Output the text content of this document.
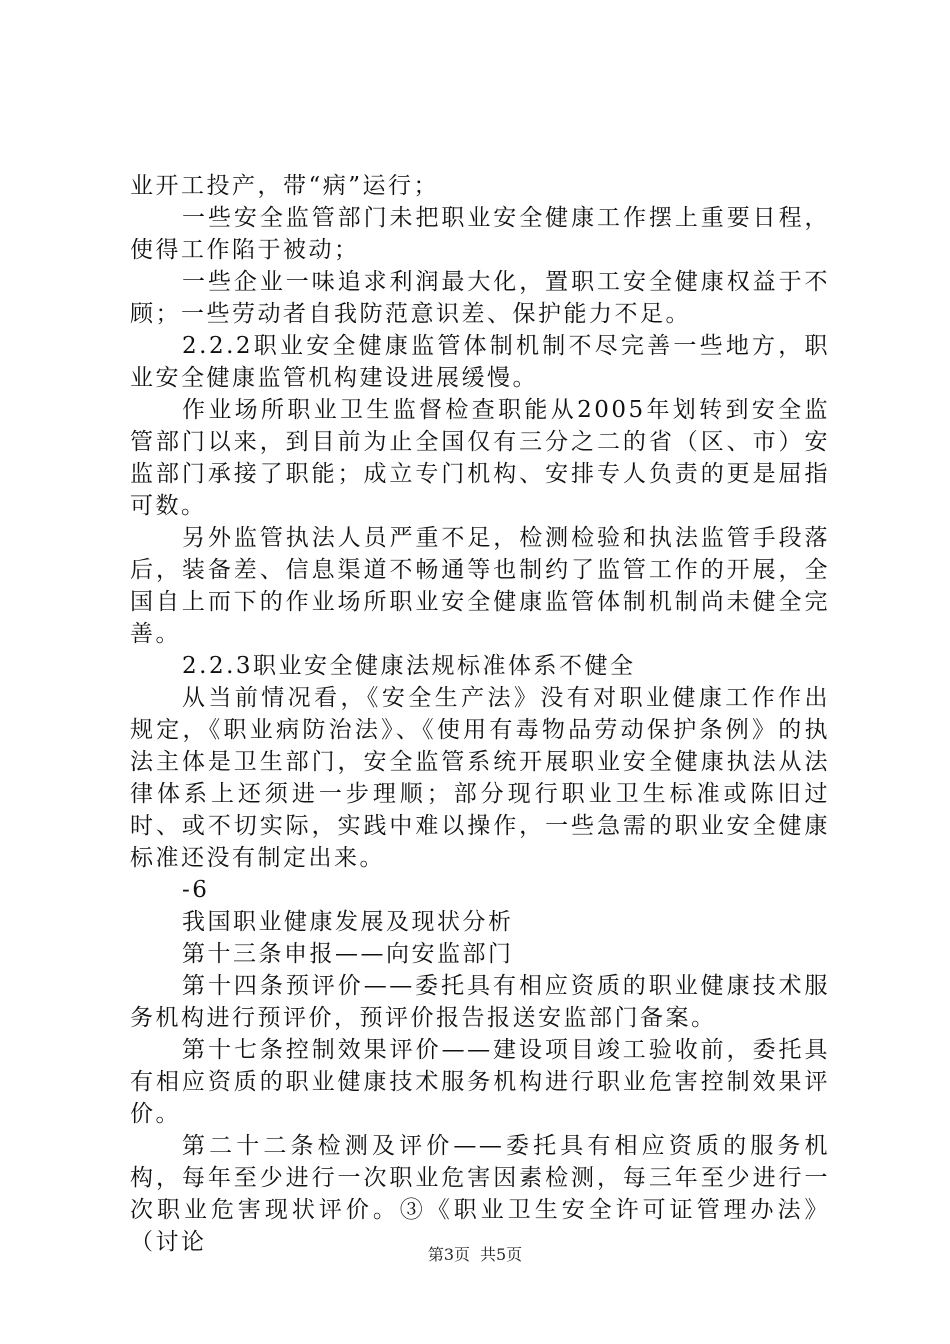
业开工投产，带“病”运行；

一些安全监管部门未把职业安全健康工作摆上重要日程，使得工作陷于被动；

一些企业一味追求利润最大化，置职工安全健康权益于不顾；一些劳动者自我防范意识差、保护能力不足。

2.2.2职业安全健康监管体制机制不尽完善一些地方，职业安全健康监管机构建设进展缓慢。

作业场所职业卫生监督检查职能从2005年划转到安全监管部门以来，到目前为止全国仅有三分之二的省（区、市）安监部门承接了职能；成立专门机构、安排专人负责的更是屈指可数。

另外监管执法人员严重不足，检测检验和执法监管手段落后，装备差、信息渠道不畅通等也制约了监管工作的开展，全国自上而下的作业场所职业安全健康监管体制机制尚未健全完善。

2.2.3职业安全健康法规标准体系不健全

从当前情况看，《安全生产法》没有对职业健康工作作出规定，《职业病防治法》、《使用有毒物品劳动保护条例》的执法主体是卫生部门，安全监管系统开展职业安全健康执法从法律体系上还须进一步理顺；部分现行职业卫生标准或陈旧过时、或不切实际，实践中难以操作，一些急需的职业安全健康标准还没有制定出来。

-6

我国职业健康发展及现状分析

第十三条申报——向安监部门

第十四条预评价——委托具有相应资质的职业健康技术服务机构进行预评价，预评价报告报送安监部门备案。

第十七条控制效果评价——建设项目竣工验收前，委托具有相应资质的职业健康技术服务机构进行职业危害控制效果评价。

第二十二条检测及评价——委托具有相应资质的服务机构，每年至少进行一次职业危害因素检测，每三年至少进行一次职业危害现状评价。③《职业卫生安全许可证管理办法》（讨论	第3页 共5页
